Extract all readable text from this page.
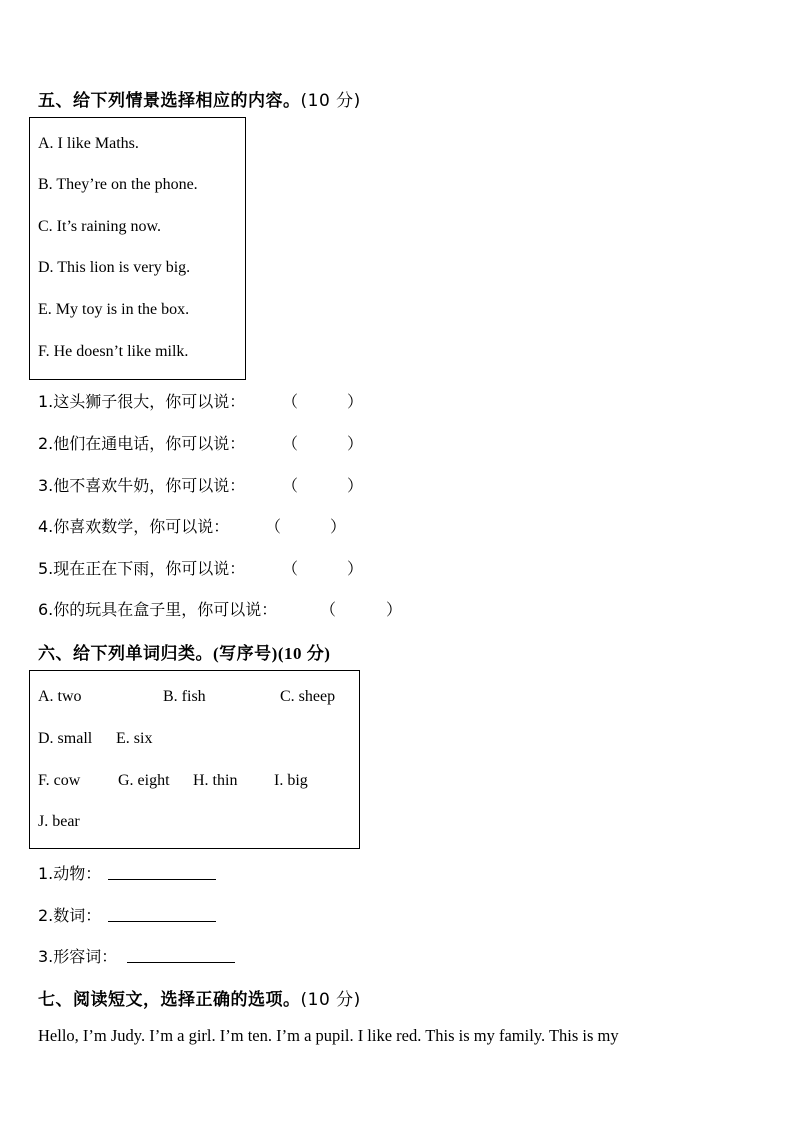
五、给下列情景选择相应的内容。(10 分)
A. I like Maths.
B. They’re on the phone.
C. It’s raining now.
D. This lion is very big.
E. My toy is in the box.
F. He doesn’t like milk.
1.这头狮子很大，你可以说： （	）
2.他们在通电话，你可以说： （	）
3.他不喜欢牛奶，你可以说： （	）
4.你喜欢数学，你可以说： （	）
5.现在正在下雨，你可以说： （	）
6.你的玩具在盒子里，你可以说：	（	）
六、给下列单词归类。(写序号)(10 分)
A. two	B. fish	C. sheep
D. small E. six
F. cow G. eight H. thin I. big
J. bear
1.动物：
2.数词：
3.形容词：
七、阅读短文，选择正确的选项。(10 分)
Hello, I’m Judy. I’m a girl. I’m ten. I’m a pupil. I like red. This is my family. This is my
